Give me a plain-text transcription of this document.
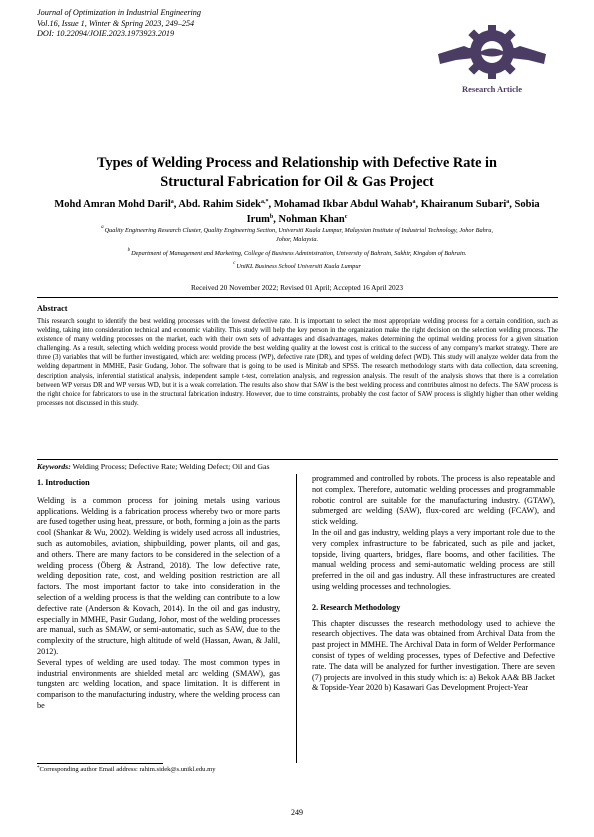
Journal of Optimization in Industrial Engineering
Vol.16, Issue 1, Winter & Spring 2023, 249–254
DOI: 10.22094/JOIE.2023.1973923.2019
Research Article
Types of Welding Process and Relationship with Defective Rate in
Structural Fabrication for Oil & Gas Project
Mohd Amran Mohd Daril$^a$, Abd. Rahim Sidek$^{a,*}$, Mohamad Ikbar Abdul Wahab$^a$, Khairanum Subari$^a$, Sobia Irum$^b$, Nohman Khan$^c$
$^a$Quality Engineering Research Cluster, Quality Engineering Section, Universiti Kuala Lumpur, Malaysian Institute of Industrial Technology, Johor Bahru,
Johor, Malaysia.
$^b$Department of Management and Marketing, College of Business Administration, University of Bahrain, Sakhir, Kingdom of Bahrain.
$^c$UniKL Business School Universiti Kuala Lumpur
Received 20 November 2022; Revised 01 April; Accepted 16 April 2023
Abstract
This research sought to identify the best welding processes with the lowest defective rate. It is important to select the most appropriate welding process for a certain condition, such as welding, taking into consideration technical and economic viability. This study will help the key person in the organization make the right decision on the selection welding process. The existence of many welding processes on the market, each with their own sets of advantages and disadvantages, makes determining the optimal welding process for a given situation challenging. As a result, selecting which welding process would provide the best welding quality at the lowest cost is critical to the success of any company's market strategy. There are three (3) variables that will be further investigated, which are: welding process (WP), defective rate (DR), and types of welding defect (WD). This study will analyze welder data from the welding department in MMHE, Pasir Gudang, Johor. The software that is going to be used is Minitab and SPSS. The research methodology starts with data collection, data screening, description analysis, inferential statistical analysis, independent sample t-test, correlation analysis, and regression analysis. The result of the analysis shows that there is a correlation between WP versus DR and WP versus WD, but it is a weak correlation. The results also show that SAW is the best welding process and contributes almost no defects. The SAW process is the right choice for fabricators to use in the structural fabrication industry. However, due to time constraints, probably the cost factor of SAW process is slightly higher than other welding processes not discussed in this study.
Keywords: Welding Process; Defective Rate; Welding Defect; Oil and Gas
1. Introduction

Welding is a common process for joining metals using various applications. Welding is a fabrication process whereby two or more parts are fused together using heat, pressure, or both, forming a join as the parts cool (Shankar & Wu, 2002). Welding is widely used across all industries, such as automobiles, aviation, shipbuilding, power plants, oil and gas, and others. There are many factors to be considered in the selection of a welding process (Öberg & Åstrand, 2018). The low defective rate, welding deposition rate, cost, and welding position restriction are all factors. The most important factor to take into consideration in the selection of a welding process is that the welding can contribute to a low defective rate (Anderson & Kovach, 2014). In the oil and gas industry, especially in MMHE, Pasir Gudang, Johor, most of the welding processes are manual, such as SMAW, or semi-automatic, such as SAW, due to the complexity of the structure, high altitude of weld (Hassan, Awan, & Jalil, 2012).

Several types of welding are used today. The most common types in industrial environments are shielded metal arc welding (SMAW), gas tungsten arc welding location, and space limitation. It is different in comparison to the manufacturing industry, where the welding process can be

programmed and controlled by robots. The process is also repeatable and not complex. Therefore, automatic welding processes and programmable robotic control are suitable for the manufacturing industry. (GTAW), submerged arc welding (SAW), flux-cored arc welding (FCAW), and stick welding.

In the oil and gas industry, welding plays a very important role due to the very complex infrastructure to be fabricated, such as pile and jacket, topside, living quarters, bridges, flare booms, and other facilities. The manual welding process and semi-automatic welding process are still preferred in the oil and gas industry. All these infrastructures are created using welding processes and technologies.

2. Research Methodology

This chapter discusses the research methodology used to achieve the research objectives. The data was obtained from Archival Data from the past project in MMHE. The Archival Data in form of Welder Performance consist of types of welding processes, types of Defective and Defective rate. The data will be analyzed for further investigation. There are seven (7) projects are involved in this study which is: a) Bekok AA& BB Jacket & Topside-Year 2020 b) Kasawari Gas Development Project-Year

*Corresponding author Email address: rahim.sidek@s.unikl.edu.my
249
